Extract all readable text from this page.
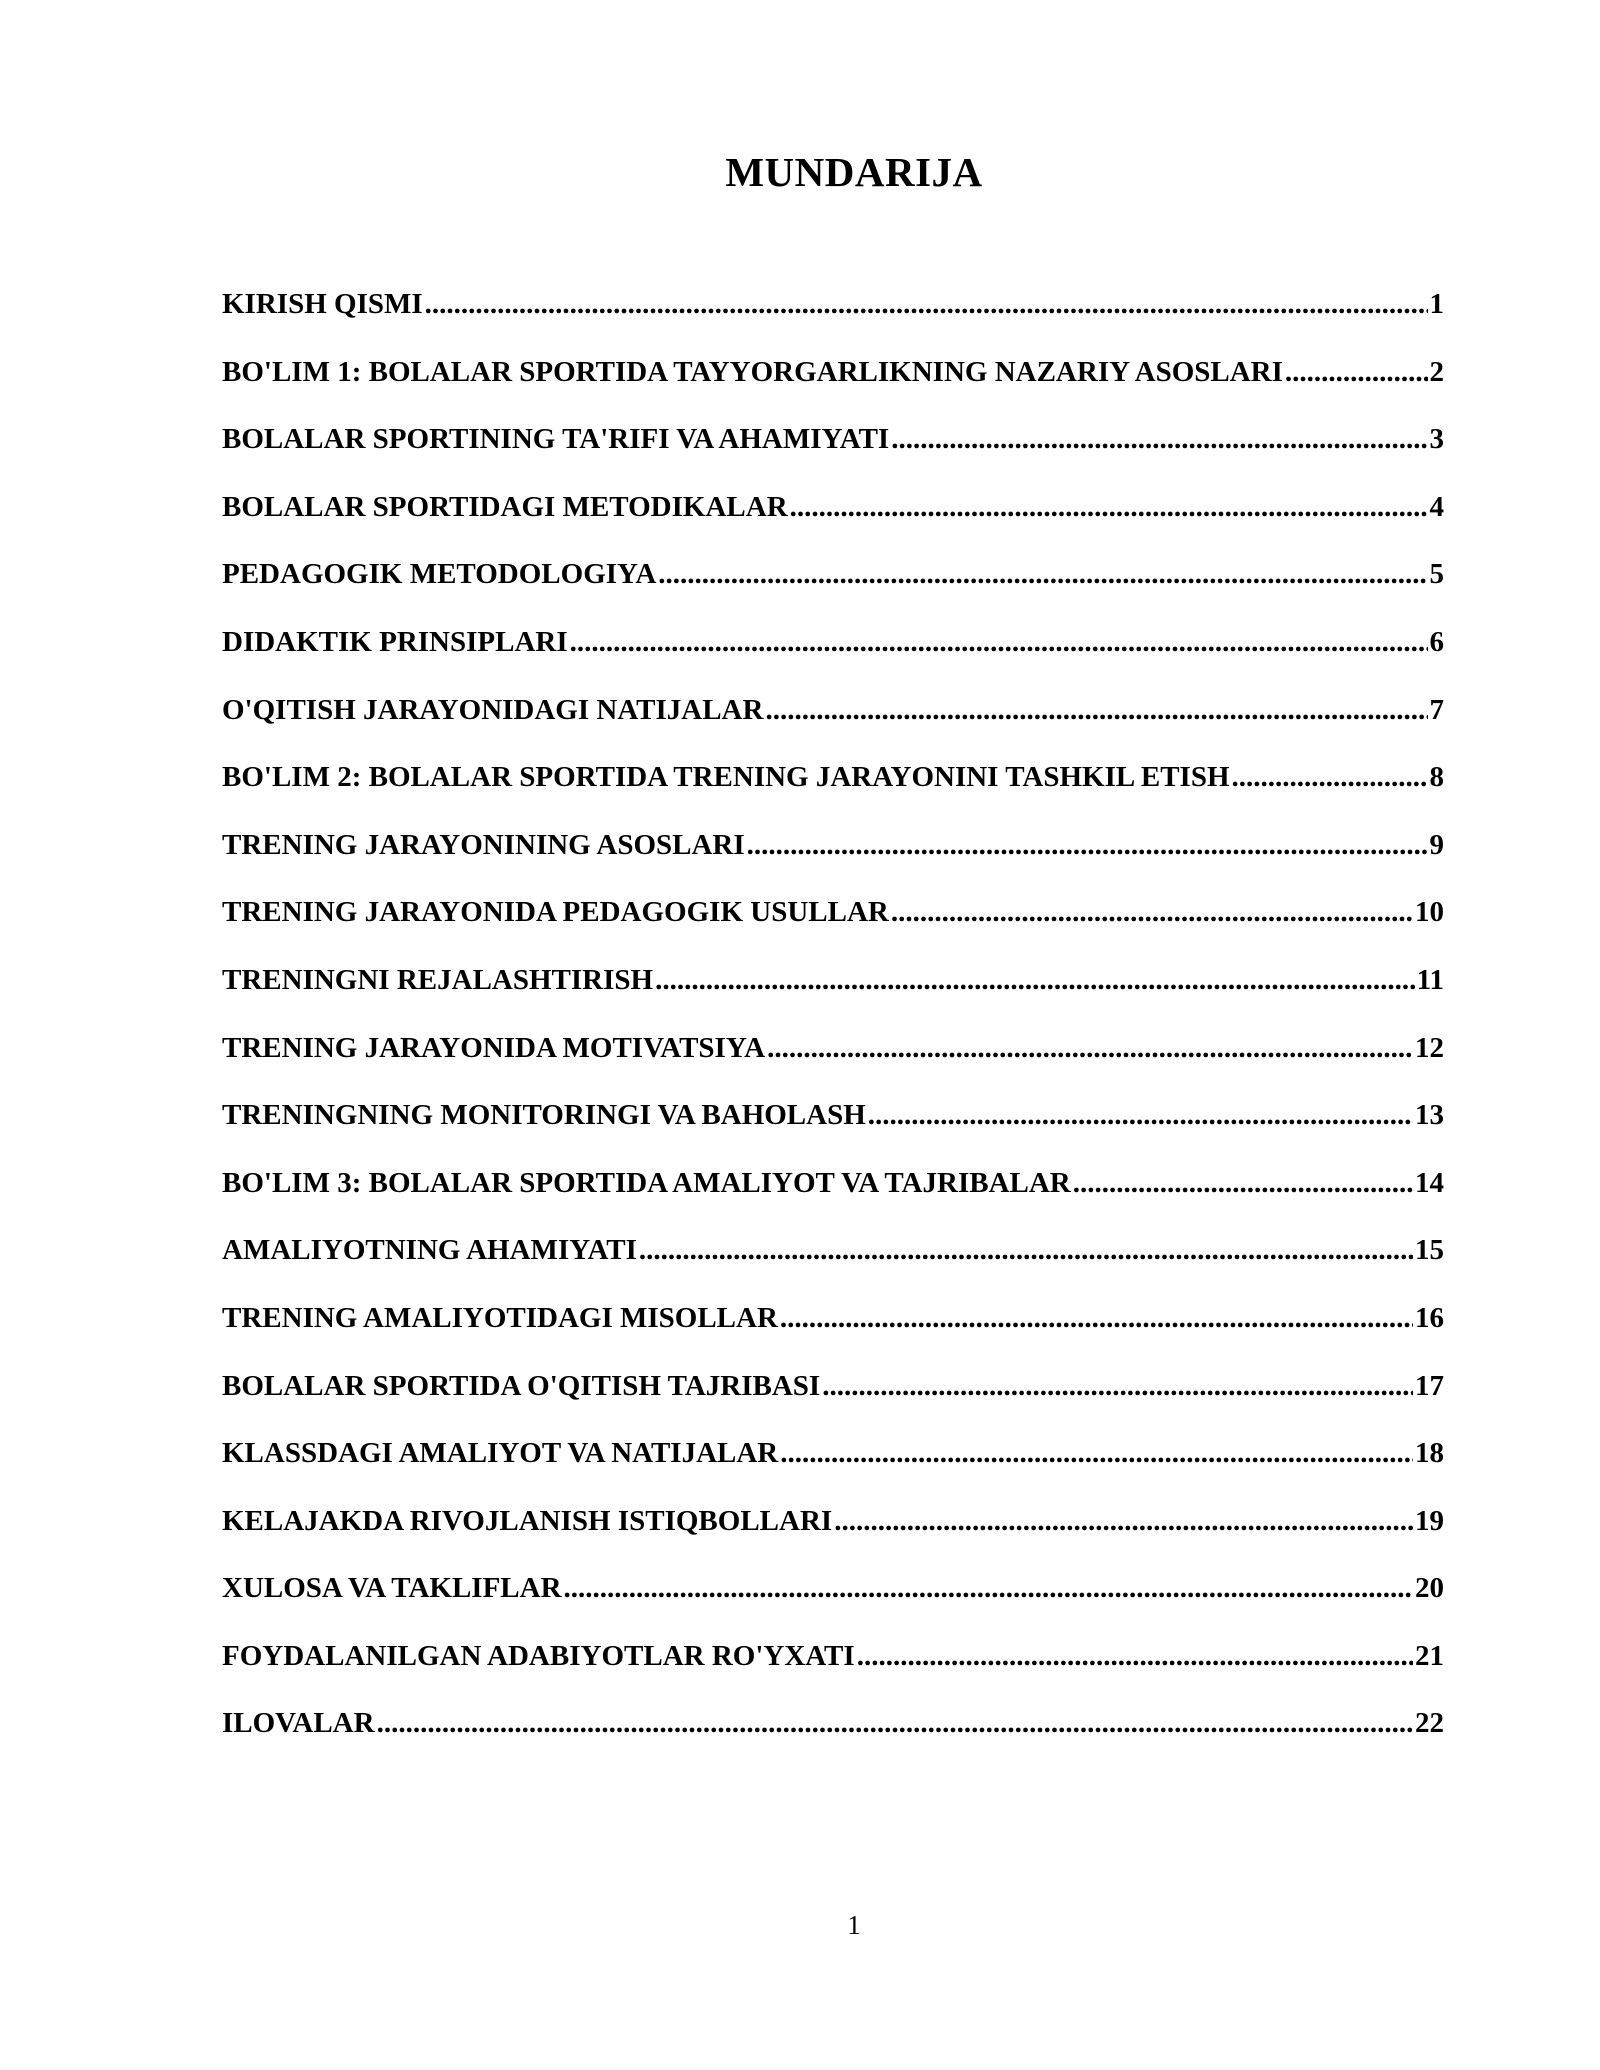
MUNDARIJA
KIRISH QISMI .....	1
BO'LIM 1: BOLALAR SPORTIDA TAYYORGARLIKNING NAZARIY ASOSLARI .....	2
BOLALAR SPORTINING TA'RIFI VA AHAMIYATI .....	3
BOLALAR SPORTIDAGI METODIKALAR .....	4
PEDAGOGIK METODOLOGIYA .....	5
DIDAKTIK PRINSIPLARI .....	6
O'QITISH JARAYONIDAGI NATIJALAR .....	7
BO'LIM 2: BOLALAR SPORTIDA TRENING JARAYONINI TASHKIL ETISH .....	8
TRENING JARAYONINING ASOSLARI .....	9
TRENING JARAYONIDA PEDAGOGIK USULLAR .....	10
TRENINGNI REJALASHTIRISH .....	11
TRENING JARAYONIDA MOTIVATSIYA .....	12
TRENINGNING MONITORINGI VA BAHOLASH .....	13
BO'LIM 3: BOLALAR SPORTIDA AMALIYOT VA TAJRIBALAR .....	14
AMALIYOTNING AHAMIYATI .....	15
TRENING AMALIYOTIDAGI MISOLLAR .....	16
BOLALAR SPORTIDA O'QITISH TAJRIBASI .....	17
KLASSDAGI AMALIYOT VA NATIJALAR .....	18
KELAJAKDA RIVOJLANISH ISTIQBOLLARI .....	19
XULOSA VA TAKLIFLAR .....	20
FOYDALANILGAN ADABIYOTLAR RO'YXATI .....	21
ILOVALAR .....	22
1
